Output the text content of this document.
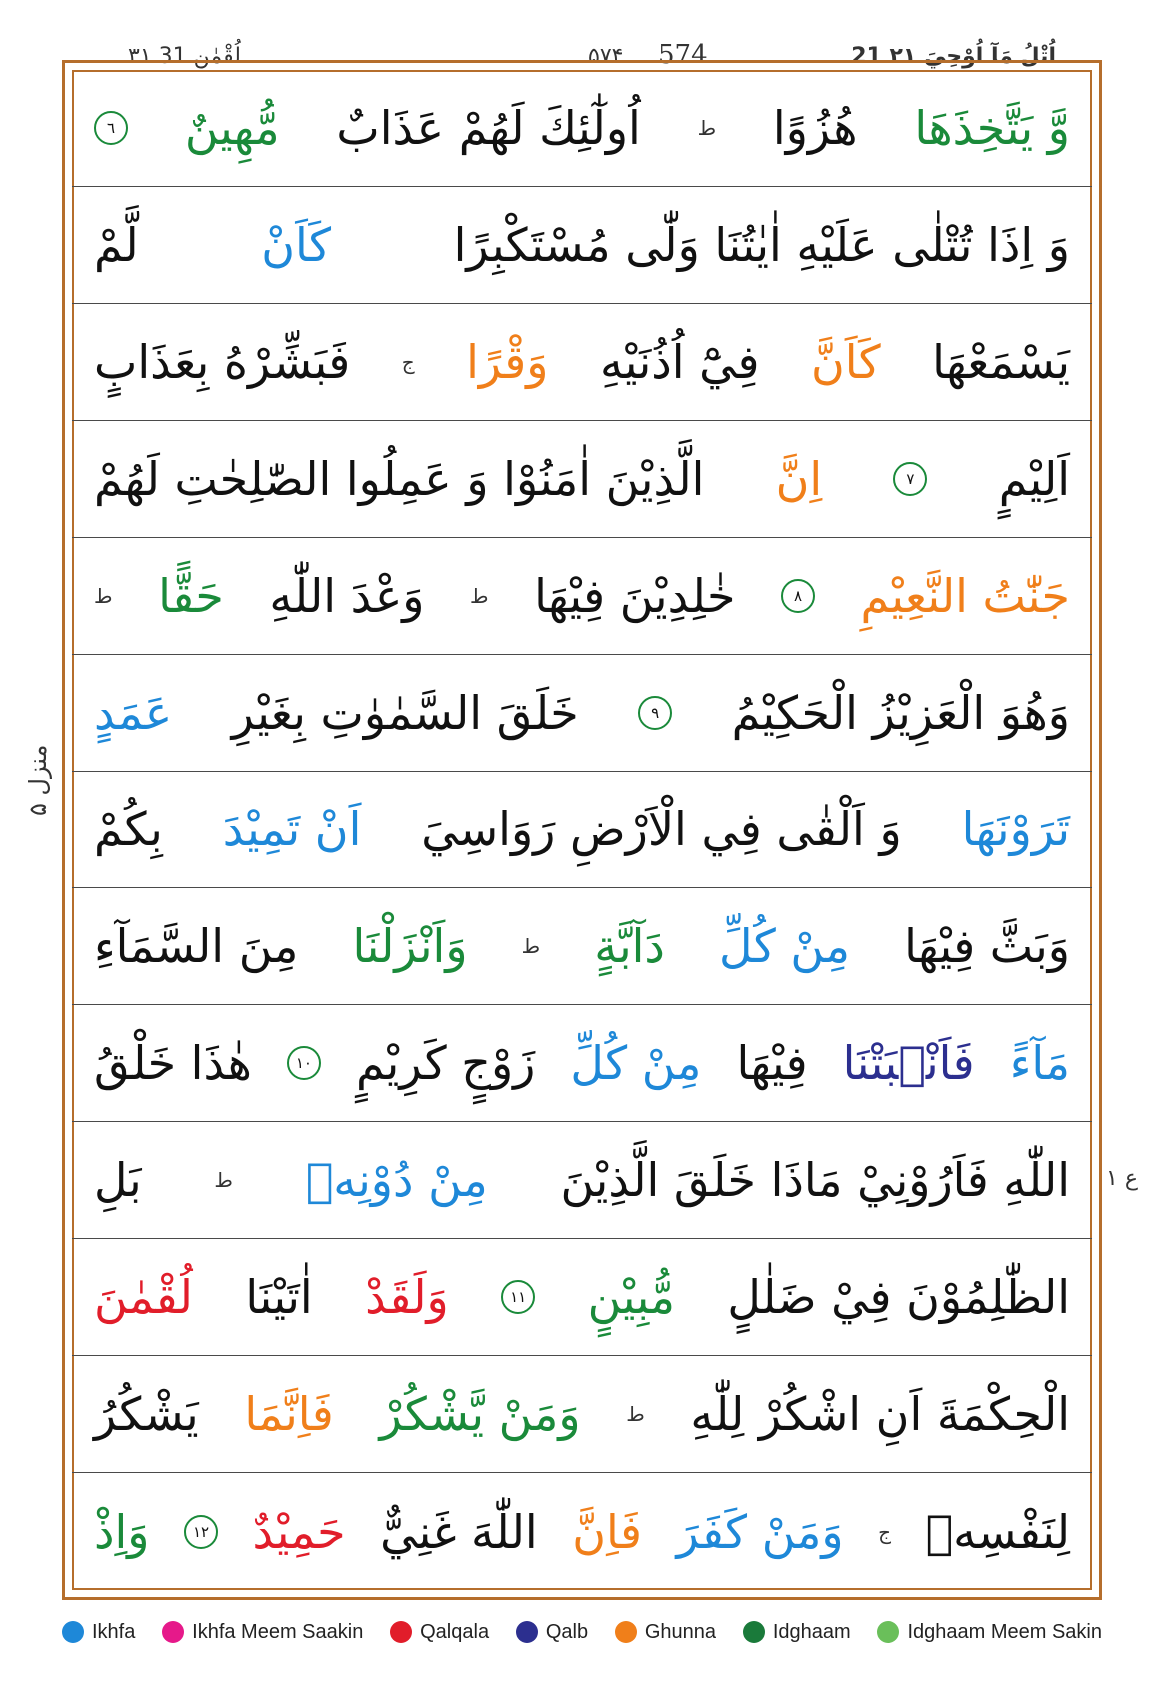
21 اُتْلُ مَآ اُوْحِيَ ۲۱
۵۷۴ 574
۳۱ لُقْمٰن 31
وَّ يَتَّخِذَهَا
هُزُوًا
ط
اُولٰٓئِكَ لَهُمْ عَذَابٌ
مُّهِينٌ
٦
وَ اِذَا تُتْلٰى عَلَيْهِ اٰيٰتُنَا وَلّٰى مُسْتَكْبِرًا
كَاَنْ
لَّمْ
يَسْمَعْهَا
كَاَنَّ
فِيْٓ اُذُنَيْهِ
وَقْرًا
ج
فَبَشِّرْهُ بِعَذَابٍ
اَلِيْمٍ
٧
اِنَّ
الَّذِيْنَ اٰمَنُوْا وَ عَمِلُوا الصّٰلِحٰتِ لَهُمْ
جَنّٰتُ النَّعِيْمِ
٨
خٰلِدِيْنَ فِيْهَا
ط
وَعْدَ اللّٰهِ
حَقًّا
ط
وَهُوَ الْعَزِيْزُ الْحَكِيْمُ
٩
خَلَقَ السَّمٰوٰتِ بِغَيْرِ
عَمَدٍ
تَرَوْنَهَا
وَ اَلْقٰى فِي الْاَرْضِ رَوَاسِيَ
اَنْ تَمِيْدَ
بِكُمْ
وَبَثَّ فِيْهَا
مِنْ كُلِّ
دَآبَّةٍ
ط
وَاَنْزَلْنَا
مِنَ السَّمَآءِ
مَآءً
فَاَنْۢبَتْنَا
فِيْهَا
مِنْ كُلِّ
زَوْجٍ كَرِيْمٍ
١٠
هٰذَا خَلْقُ
اللّٰهِ فَاَرُوْنِيْ مَاذَا خَلَقَ الَّذِيْنَ
مِنْ دُوْنِهٖ
ط
بَلِ
الظّٰلِمُوْنَ فِيْ ضَلٰلٍ
مُّبِيْنٍ
١١
وَلَقَدْ
اٰتَيْنَا
لُقْمٰنَ
الْحِكْمَةَ اَنِ اشْكُرْ لِلّٰهِ
ط
وَمَنْ يَّشْكُرْ
فَاِنَّمَا
يَشْكُرُ
لِنَفْسِهٖ
ج
وَمَنْ كَفَرَ
فَاِنَّ
اللّٰهَ غَنِيٌّ
حَمِيْدٌ
١٢
وَاِذْ
منزل ۵
ع ۱
Ikhfa	Ikhfa Meem Saakin	Qalqala	Qalb	Ghunna	Idghaam	Idghaam Meem Sakin
